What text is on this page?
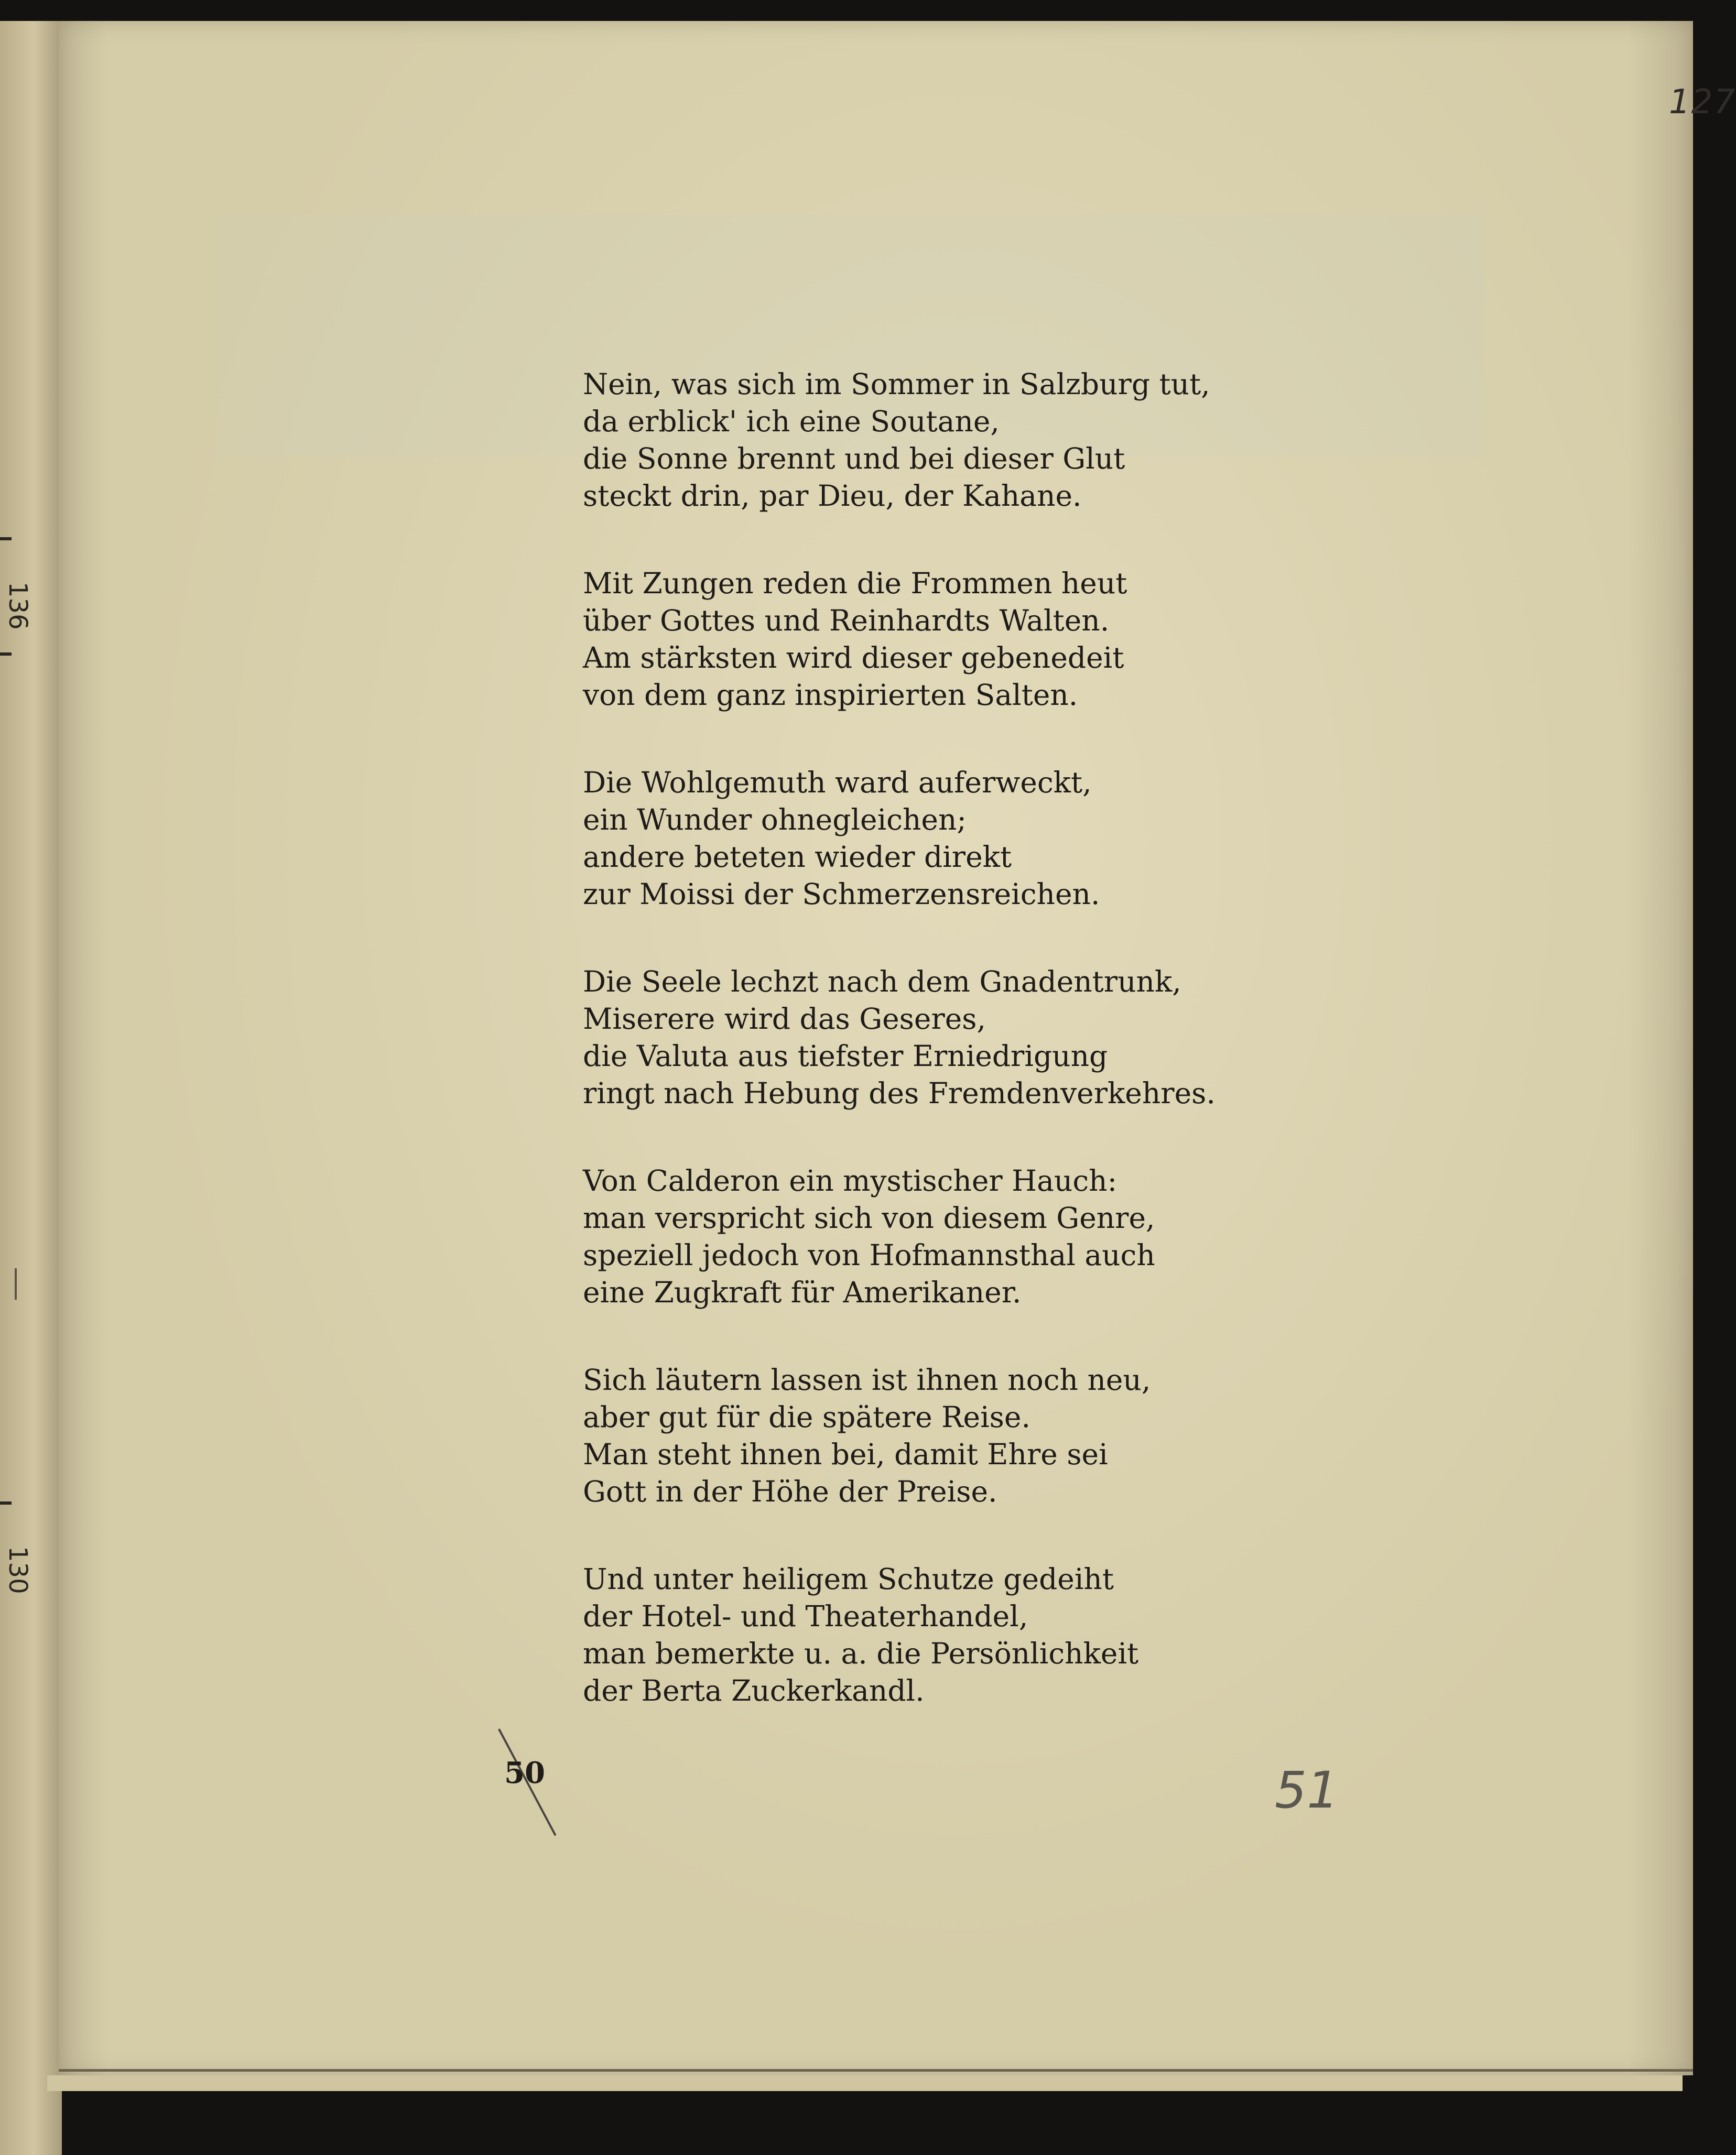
136
130
127
Nein, was sich im Sommer in Salzburg tut,
da erblick' ich eine Soutane,
die Sonne brennt und bei dieser Glut
steckt drin, par Dieu, der Kahane.
Mit Zungen reden die Frommen heut
über Gottes und Reinhardts Walten.
Am stärksten wird dieser gebenedeit
von dem ganz inspirierten Salten.
Die Wohlgemuth ward auferweckt,
ein Wunder ohnegleichen;
andere beteten wieder direkt
zur Moissi der Schmerzensreichen.
Die Seele lechzt nach dem Gnadentrunk,
Miserere wird das Geseres,
die Valuta aus tiefster Erniedrigung
ringt nach Hebung des Fremdenverkehres.
Von Calderon ein mystischer Hauch:
man verspricht sich von diesem Genre,
speziell jedoch von Hofmannsthal auch
eine Zugkraft für Amerikaner.
Sich läutern lassen ist ihnen noch neu,
aber gut für die spätere Reise.
Man steht ihnen bei, damit Ehre sei
Gott in der Höhe der Preise.
Und unter heiligem Schutze gedeiht
der Hotel- und Theaterhandel,
man bemerkte u. a. die Persönlichkeit
der Berta Zuckerkandl.
50	51
